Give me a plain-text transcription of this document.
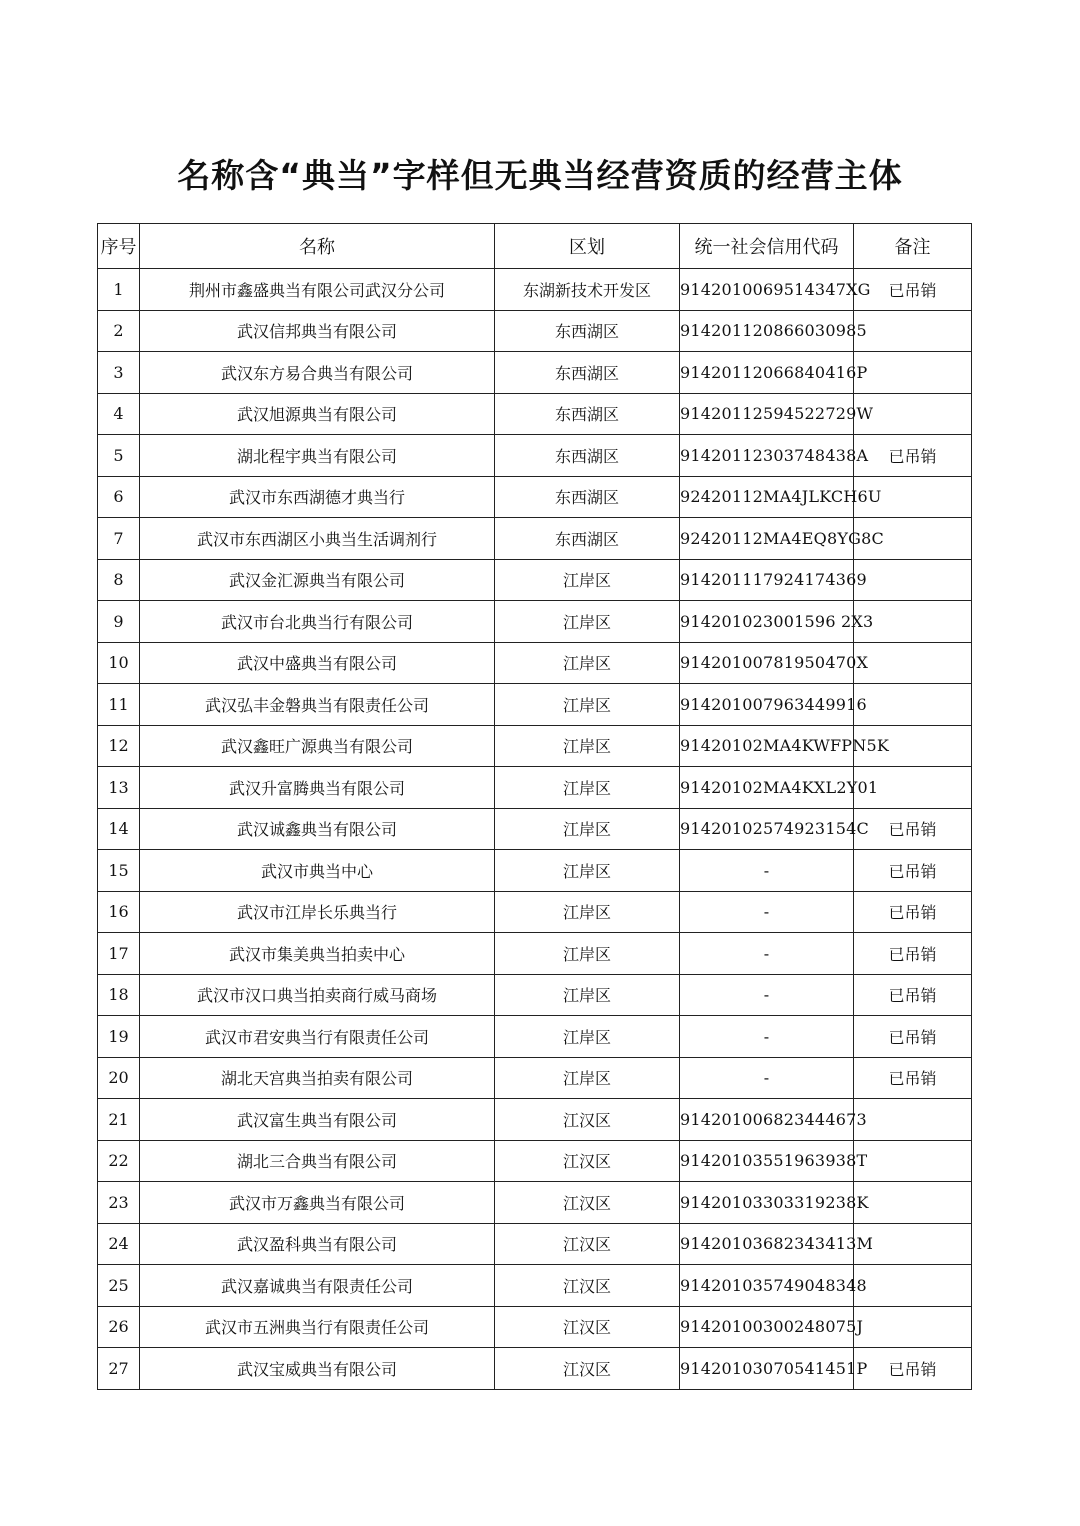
名称含“典当”字样但无典当经营资质的经营主体
序号	名称	区划	统一社会信用代码	备注
1	荆州市鑫盛典当有限公司武汉分公司	东湖新技术开发区	9142010069514347XG	已吊销
2	武汉信邦典当有限公司	东西湖区	914201120866030985	
3	武汉东方易合典当有限公司	东西湖区	91420112066840416P	
4	武汉旭源典当有限公司	东西湖区	91420112594522729W	
5	湖北程宇典当有限公司	东西湖区	91420112303748438A	已吊销
6	武汉市东西湖德才典当行	东西湖区	92420112MA4JLKCH6U	
7	武汉市东西湖区小典当生活调剂行	东西湖区	92420112MA4EQ8YG8C	
8	武汉金汇源典当有限公司	江岸区	914201117924174369	
9	武汉市台北典当行有限公司	江岸区	914201023001596 2X3	
10	武汉中盛典当有限公司	江岸区	91420100781950470X	
11	武汉弘丰金磐典当有限责任公司	江岸区	914201007963449916	
12	武汉鑫旺广源典当有限公司	江岸区	91420102MA4KWFPN5K	
13	武汉升富腾典当有限公司	江岸区	91420102MA4KXL2Y01	
14	武汉诚鑫典当有限公司	江岸区	91420102574923154C	已吊销
15	武汉市典当中心	江岸区	-	已吊销
16	武汉市江岸长乐典当行	江岸区	-	已吊销
17	武汉市集美典当拍卖中心	江岸区	-	已吊销
18	武汉市汉口典当拍卖商行威马商场	江岸区	-	已吊销
19	武汉市君安典当行有限责任公司	江岸区	-	已吊销
20	湖北天宫典当拍卖有限公司	江岸区	-	已吊销
21	武汉富生典当有限公司	江汉区	914201006823444673	
22	湖北三合典当有限公司	江汉区	91420103551963938T	
23	武汉市万鑫典当有限公司	江汉区	91420103303319238K	
24	武汉盈科典当有限公司	江汉区	91420103682343413M	
25	武汉嘉诚典当有限责任公司	江汉区	914201035749048348	
26	武汉市五洲典当行有限责任公司	江汉区	91420100300248075J	
27	武汉宝威典当有限公司	江汉区	91420103070541451P	已吊销
